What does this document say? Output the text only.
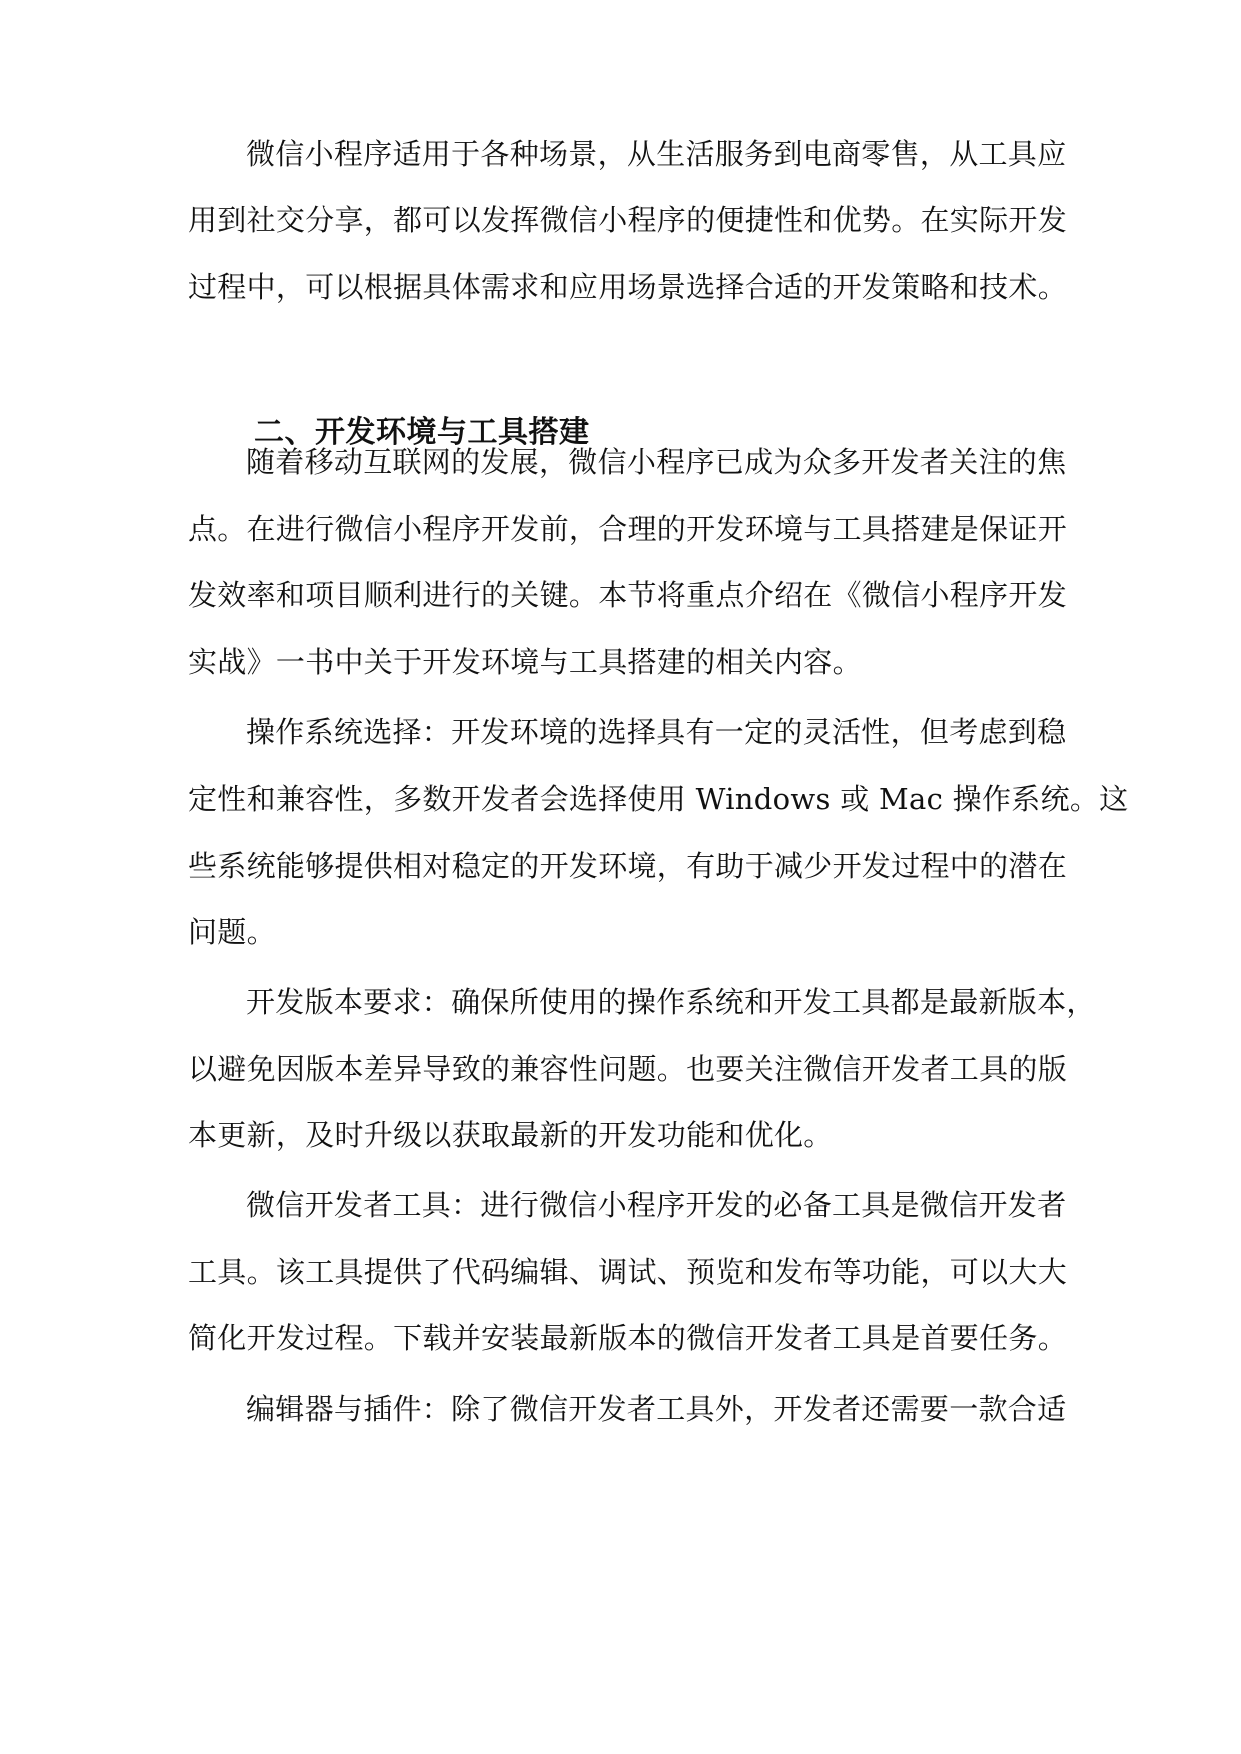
微信小程序适用于各种场景，从生活服务到电商零售，从工具应
用到社交分享，都可以发挥微信小程序的便捷性和优势。在实际开发
过程中，可以根据具体需求和应用场景选择合适的开发策略和技术。
二、开发环境与工具搭建
随着移动互联网的发展，微信小程序已成为众多开发者关注的焦
点。在进行微信小程序开发前，合理的开发环境与工具搭建是保证开
发效率和项目顺利进行的关键。本节将重点介绍在《微信小程序开发
实战》一书中关于开发环境与工具搭建的相关内容。
操作系统选择：开发环境的选择具有一定的灵活性，但考虑到稳
定性和兼容性，多数开发者会选择使用 Windows 或 Mac 操作系统。这
些系统能够提供相对稳定的开发环境，有助于减少开发过程中的潜在
问题。
开发版本要求：确保所使用的操作系统和开发工具都是最新版本，
以避免因版本差异导致的兼容性问题。也要关注微信开发者工具的版
本更新，及时升级以获取最新的开发功能和优化。
微信开发者工具：进行微信小程序开发的必备工具是微信开发者
工具。该工具提供了代码编辑、调试、预览和发布等功能，可以大大
简化开发过程。下载并安装最新版本的微信开发者工具是首要任务。
编辑器与插件：除了微信开发者工具外，开发者还需要一款合适
